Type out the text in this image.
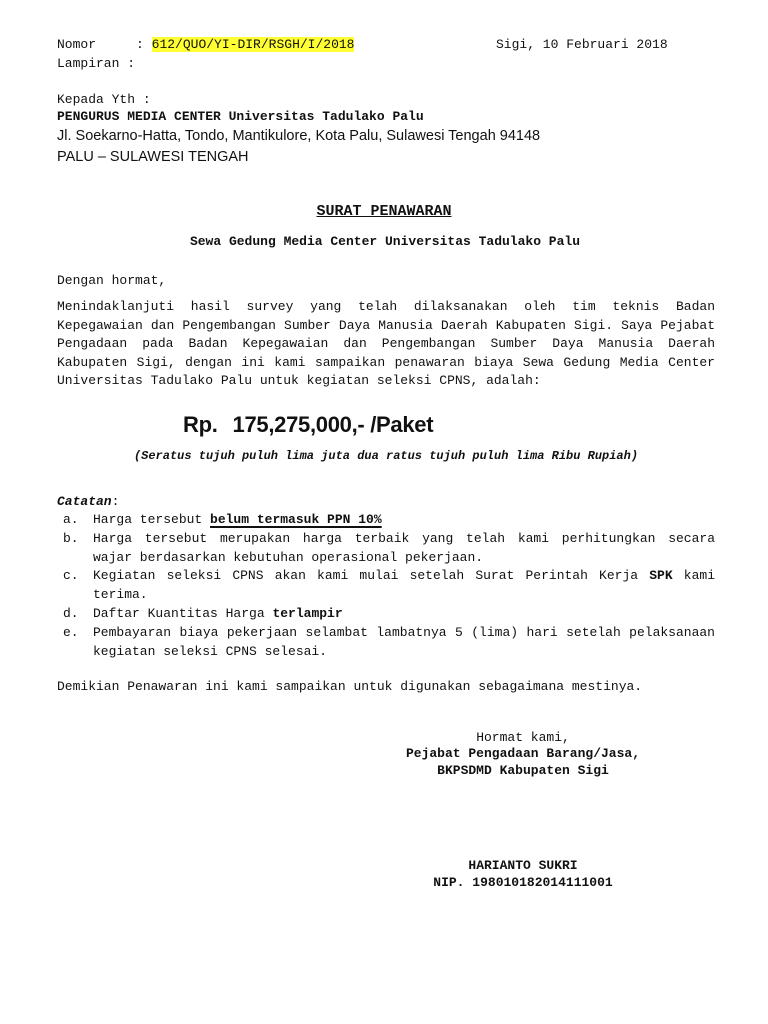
Nomor	: 612/QUO/YI-DIR/RSGH/I/2018	Sigi, 10 Februari 2018
Lampiran :
Kepada Yth :
PENGURUS MEDIA CENTER Universitas Tadulako Palu
Jl. Soekarno-Hatta, Tondo, Mantikulore, Kota Palu, Sulawesi Tengah 94148
PALU – SULAWESI TENGAH
SURAT PENAWARAN
Sewa Gedung Media Center Universitas Tadulako Palu
Dengan hormat,
Menindaklanjuti hasil survey yang telah dilaksanakan oleh tim teknis Badan Kepegawaian dan Pengembangan Sumber Daya Manusia Daerah Kabupaten Sigi. Saya Pejabat Pengadaan pada Badan Kepegawaian dan Pengembangan Sumber Daya Manusia Daerah Kabupaten Sigi, dengan ini kami sampaikan penawaran biaya Sewa Gedung Media Center Universitas Tadulako Palu untuk kegiatan seleksi CPNS, adalah:
Rp. 175,275,000,- /Paket
(Seratus tujuh puluh lima juta dua ratus tujuh puluh lima Ribu Rupiah)
Catatan:
a.	Harga tersebut belum termasuk PPN 10%
b.	Harga tersebut merupakan harga terbaik yang telah kami perhitungkan secara wajar berdasarkan kebutuhan operasional pekerjaan.
c.	Kegiatan seleksi CPNS akan kami mulai setelah Surat Perintah Kerja SPK kami terima.
d.	Daftar Kuantitas Harga terlampir
e.	Pembayaran biaya pekerjaan selambat lambatnya 5 (lima) hari setelah pelaksanaan kegiatan seleksi CPNS selesai.
Demikian Penawaran ini kami sampaikan untuk digunakan sebagaimana mestinya.
Hormat kami,
Pejabat Pengadaan Barang/Jasa,
BKPSDMD Kabupaten Sigi
HARIANTO SUKRI
NIP. 198010182014111001
